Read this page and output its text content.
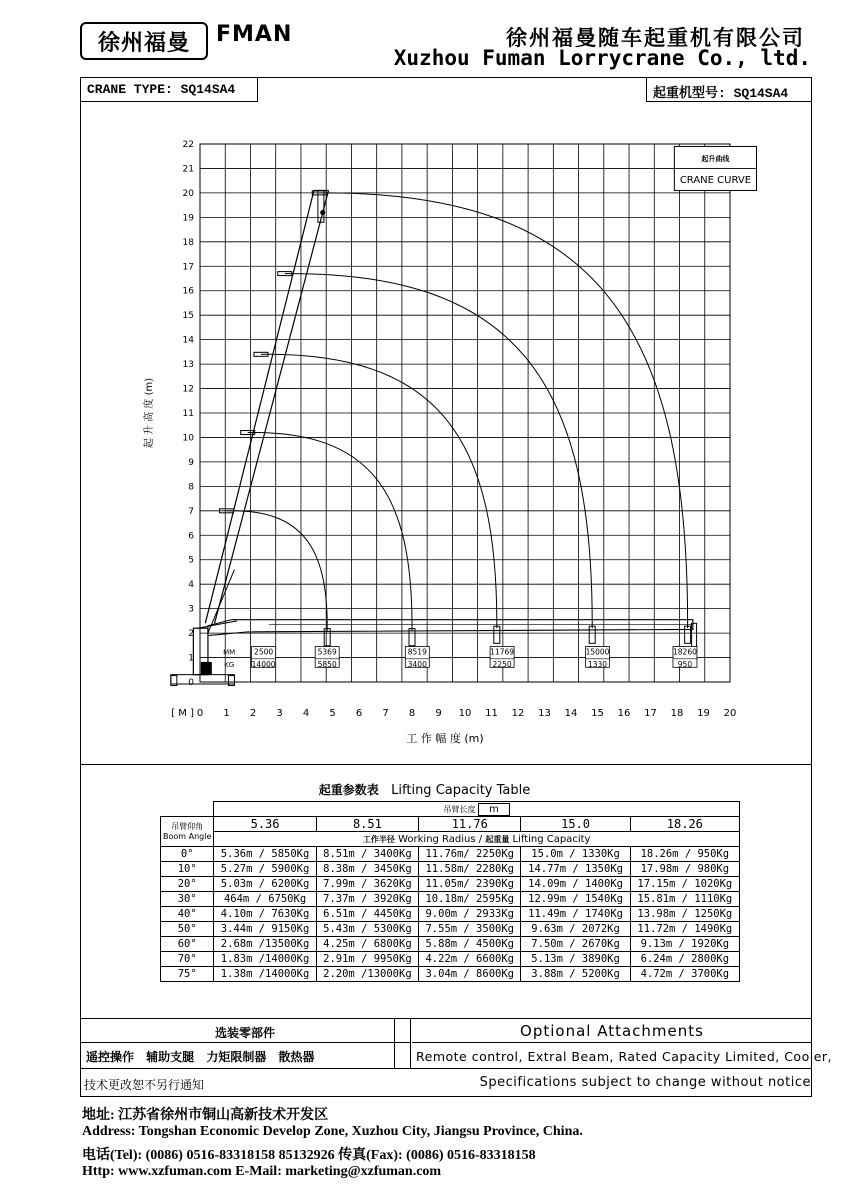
徐州福曼	FMAN	徐州福曼随车起重机有限公司
Xuzhou Fuman Lorrycrane Co., ltd.
CRANE TYPE: SQ14SA4	起重机型号: SQ14SA4
0
1
2
3
4
5
6
7
8
9
10
11
12
13
14
15
16
17
18
19
20
21
22
0 1 2 3 4 5 6 7 8 9 10 11 12 13 14 15 16 17 18 19 20
[ M ]
工 作 幅 度 (m)
起 升 高 度 (m)
起升曲线
CRANE CURVE
MM
KG
2500
14000
5369
5850
8519
3400
11769
2250
15000
1330
18260
950
起重参数表 Lifting Capacity Table
	吊臂长度 m				

吊臂仰角
Boom Angle	5.36	8.51	11.76	15.0	18.26
	工作半径 Working Radius / 起重量 Lifting Capacity				
0°	5.36m / 5850Kg	8.51m / 3400Kg	11.76m/ 2250Kg	15.0m / 1330Kg	18.26m / 950Kg
10°	5.27m / 5900Kg	8.38m / 3450Kg	11.58m/ 2280Kg	14.77m / 1350Kg	17.98m / 980Kg
20°	5.03m / 6200Kg	7.99m / 3620Kg	11.05m/ 2390Kg	14.09m / 1400Kg	17.15m / 1020Kg
30°	464m / 6750Kg	7.37m / 3920Kg	10.18m/ 2595Kg	12.99m / 1540Kg	15.81m / 1110Kg
40°	4.10m / 7630Kg	6.51m / 4450Kg	9.00m / 2933Kg	11.49m / 1740Kg	13.98m / 1250Kg
50°	3.44m / 9150Kg	5.43m / 5300Kg	7.55m / 3500Kg	9.63m / 2072Kg	11.72m / 1490Kg
60°	2.68m /13500Kg	4.25m / 6800Kg	5.88m / 4500Kg	7.50m / 2670Kg	9.13m / 1920Kg
70°	1.83m /14000Kg	2.91m / 9950Kg	4.22m / 6600Kg	5.13m / 3890Kg	6.24m / 2800Kg
75°	1.38m /14000Kg	2.20m /13000Kg	3.04m / 8600Kg	3.88m / 5200Kg	4.72m / 3700Kg
选装零部件
遥控操作 辅助支腿 力矩限制器 散热器
Optional Attachments
Remote control, Extral Beam, Rated Capacity Limited, Cooler,
技术更改恕不另行通知	Specifications subject to change without notice
地址: 江苏省徐州市铜山高新技术开发区
Address: Tongshan Economic Develop Zone, Xuzhou City, Jiangsu Province, China.
电话(Tel): (0086) 0516-83318158 85132926 传真(Fax): (0086) 0516-83318158
Http: www.xzfuman.com E-Mail: marketing@xzfuman.com
